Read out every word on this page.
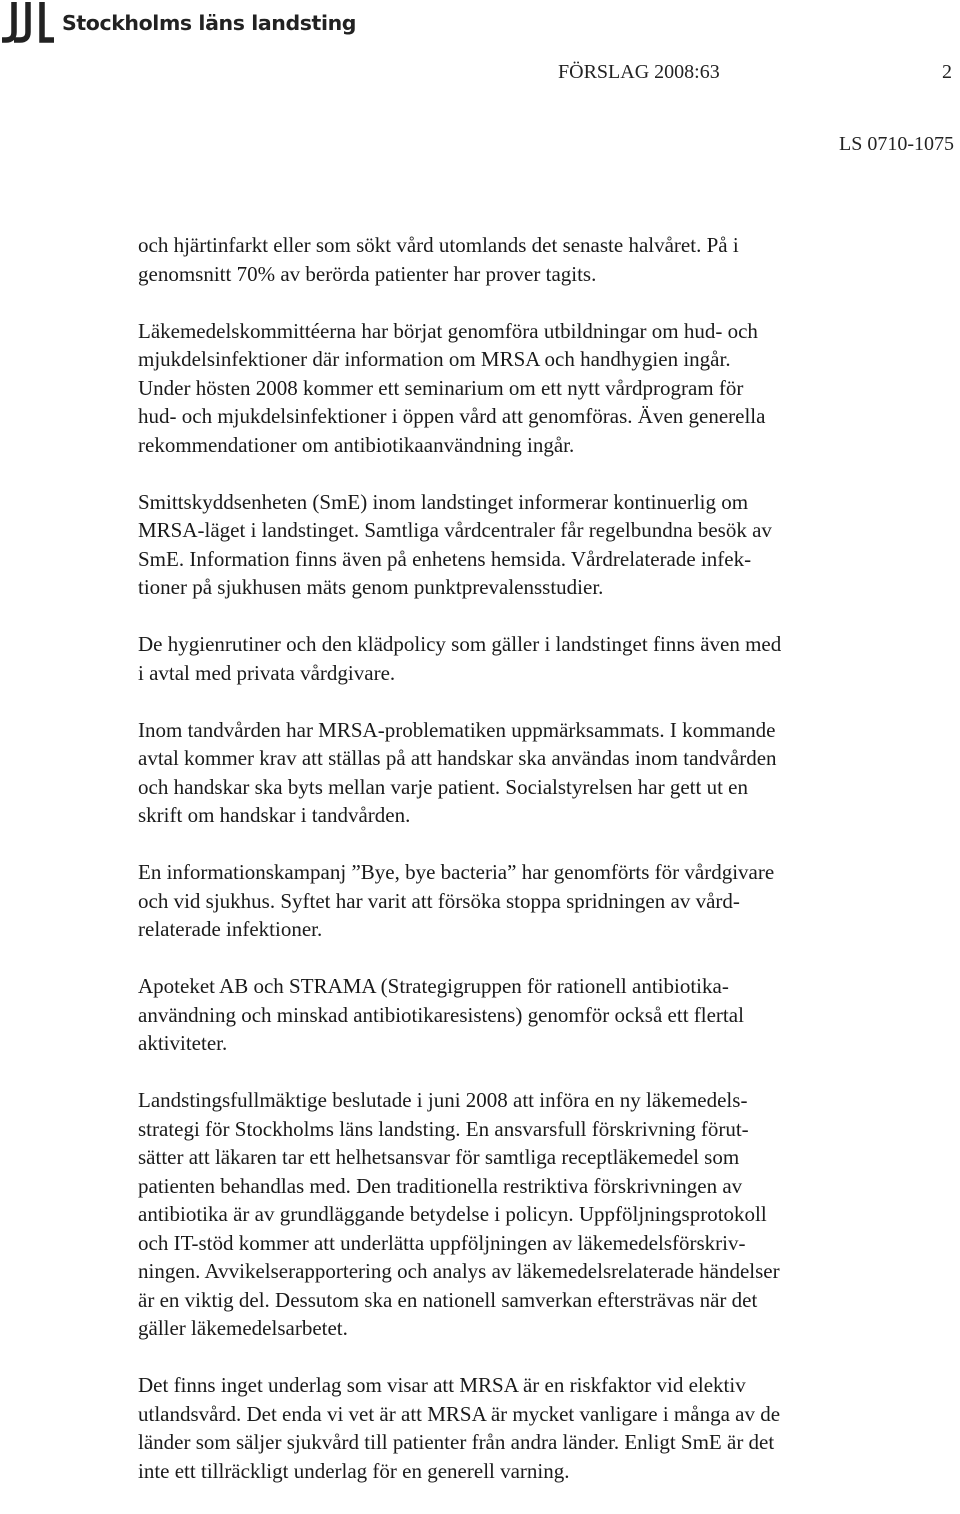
Stockholms läns landsting
FÖRSLAG 2008:63	2
LS 0710-1075

och hjärtinfarkt eller som sökt vård utomlands det senaste halvåret. På i
genomsnitt 70% av berörda patienter har prover tagits.

Läkemedelskommittéerna har börjat genomföra utbildningar om hud- och
mjukdelsinfektioner där information om MRSA och handhygien ingår.
Under hösten 2008 kommer ett seminarium om ett nytt vårdprogram för
hud- och mjukdelsinfektioner i öppen vård att genomföras. Även generella
rekommendationer om antibiotikaanvändning ingår.

Smittskyddsenheten (SmE) inom landstinget informerar kontinuerlig om
MRSA-läget i landstinget. Samtliga vårdcentraler får regelbundna besök av
SmE. Information finns även på enhetens hemsida. Vårdrelaterade infek-
tioner på sjukhusen mäts genom punktprevalensstudier.

De hygienrutiner och den klädpolicy som gäller i landstinget finns även med
i avtal med privata vårdgivare.

Inom tandvården har MRSA-problematiken uppmärksammats. I kommande
avtal kommer krav att ställas på att handskar ska användas inom tandvården
och handskar ska byts mellan varje patient. Socialstyrelsen har gett ut en
skrift om handskar i tandvården.

En informationskampanj ”Bye, bye bacteria” har genomförts för vårdgivare
och vid sjukhus. Syftet har varit att försöka stoppa spridningen av vård-
relaterade infektioner.

Apoteket AB och STRAMA (Strategigruppen för rationell antibiotika-
användning och minskad antibiotikaresistens) genomför också ett flertal
aktiviteter.

Landstingsfullmäktige beslutade i juni 2008 att införa en ny läkemedels-
strategi för Stockholms läns landsting. En ansvarsfull förskrivning förut-
sätter att läkaren tar ett helhetsansvar för samtliga receptläkemedel som
patienten behandlas med. Den traditionella restriktiva förskrivningen av
antibiotika är av grundläggande betydelse i policyn. Uppföljningsprotokoll
och IT-stöd kommer att underlätta uppföljningen av läkemedelsförskriv-
ningen. Avvikelserapportering och analys av läkemedelsrelaterade händelser
är en viktig del. Dessutom ska en nationell samverkan eftersträvas när det
gäller läkemedelsarbetet.

Det finns inget underlag som visar att MRSA är en riskfaktor vid elektiv
utlandsvård. Det enda vi vet är att MRSA är mycket vanligare i många av de
länder som säljer sjukvård till patienter från andra länder. Enligt SmE är det
inte ett tillräckligt underlag för en generell varning.
